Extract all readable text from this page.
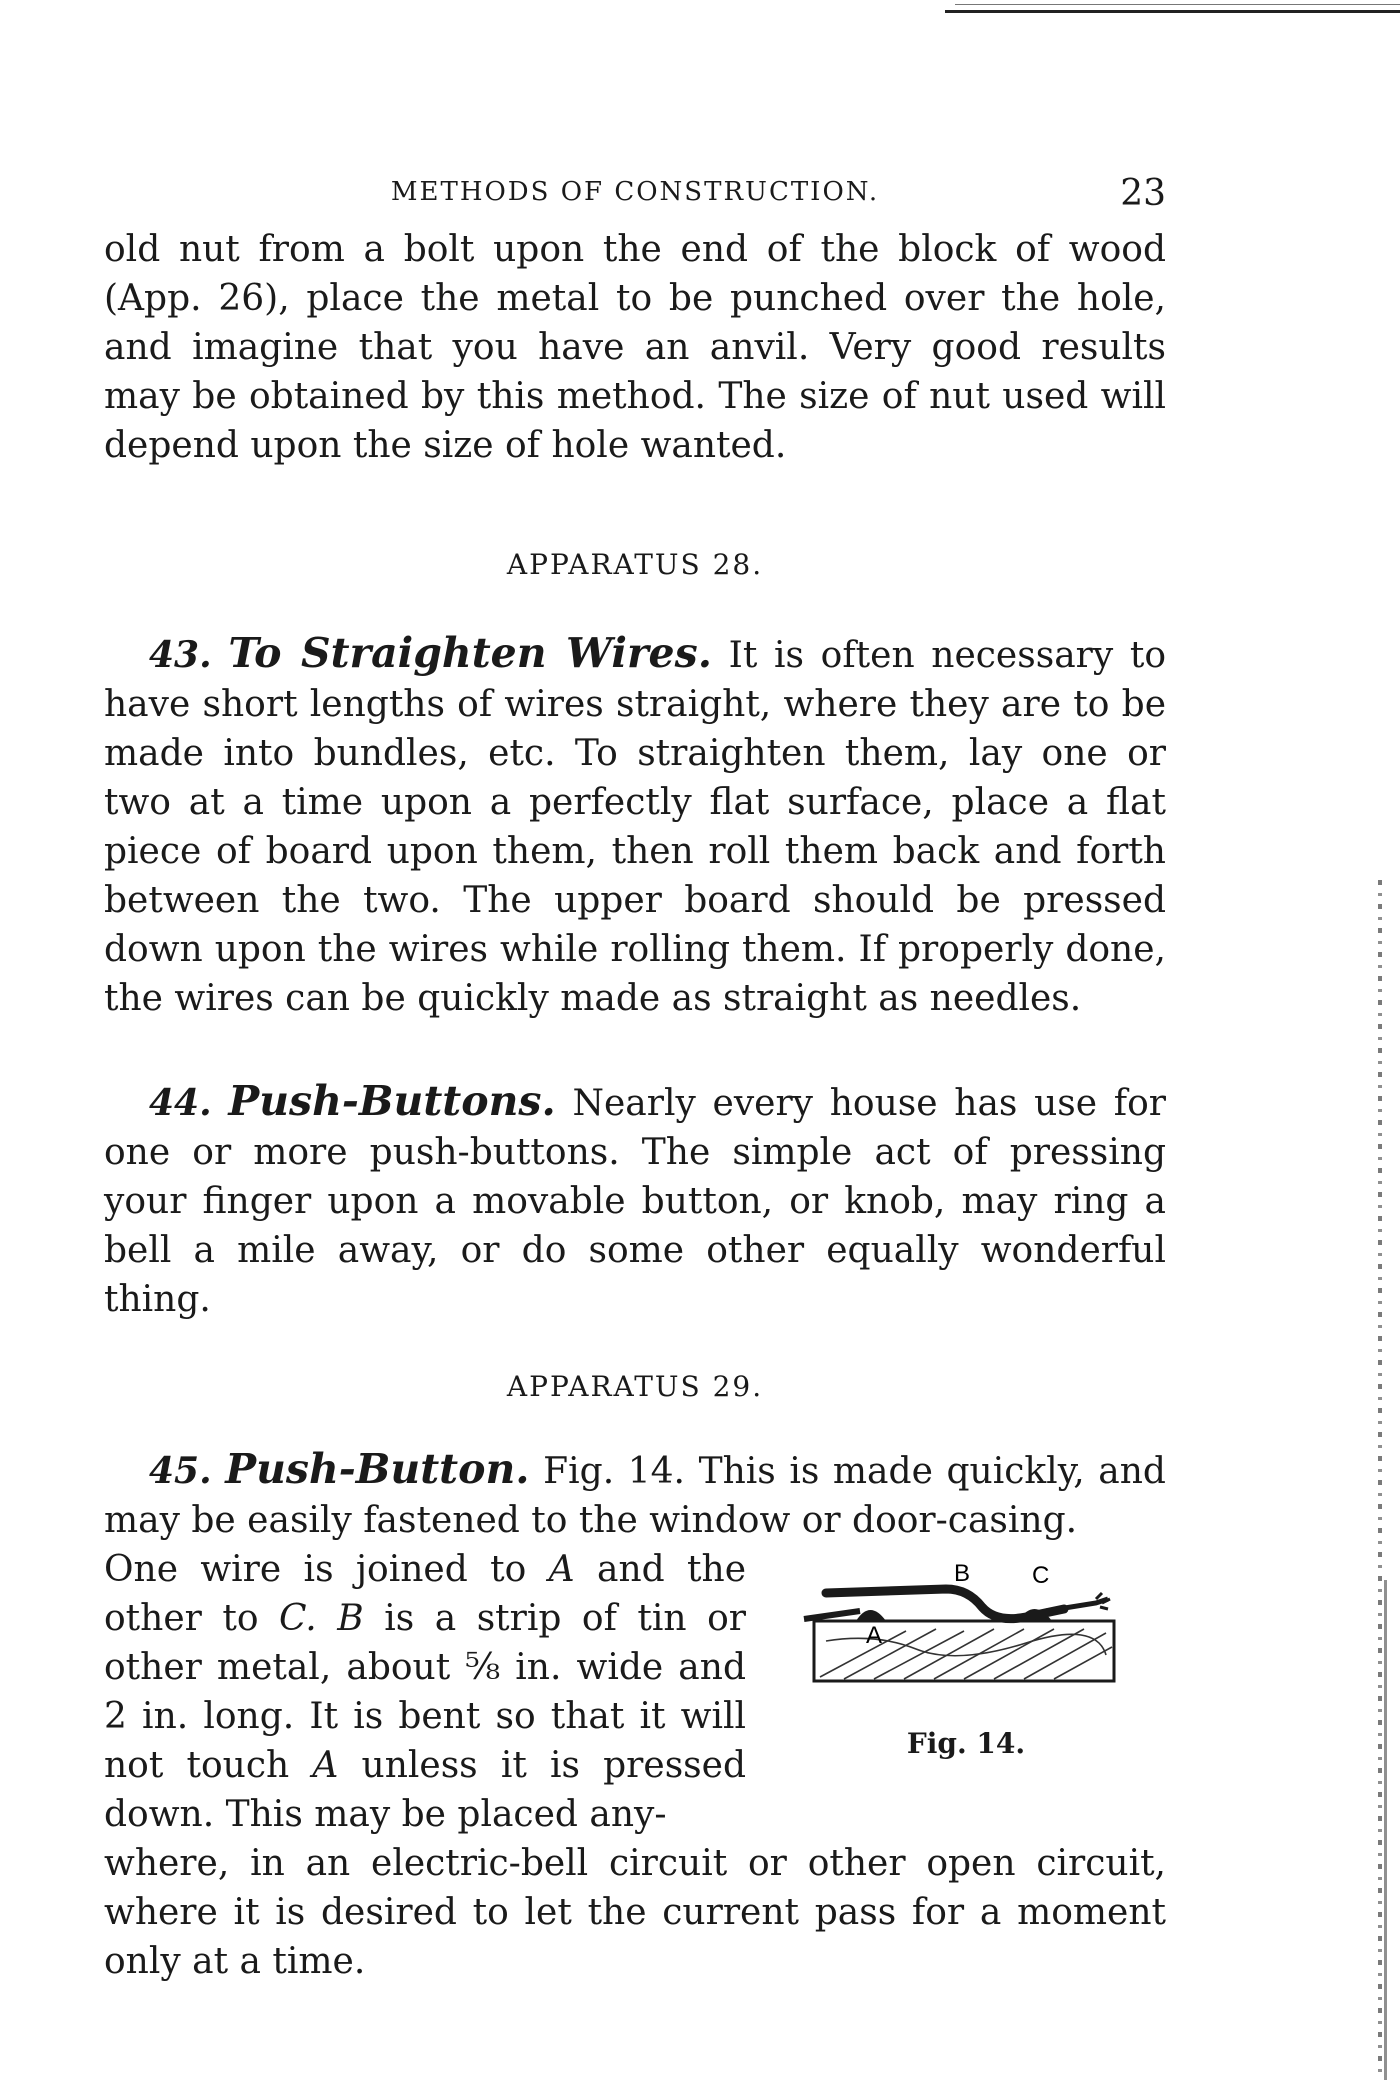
METHODS OF CONSTRUCTION.	23

old nut from a bolt upon the end of the block of wood (App. 26), place the metal to be punched over the hole, and imagine that you have an anvil. Very good results may be obtained by this method. The size of nut used will depend upon the size of hole wanted.

APPARATUS 28.

43. To Straighten Wires. It is often necessary to have short lengths of wires straight, where they are to be made into bundles, etc. To straighten them, lay one or two at a time upon a perfectly flat surface, place a flat piece of board upon them, then roll them back and forth between the two. The upper board should be pressed down upon the wires while rolling them. If properly done, the wires can be quickly made as straight as needles.

44. Push-Buttons. Nearly every house has use for one or more push-buttons. The simple act of pressing your finger upon a movable button, or knob, may ring a bell a mile away, or do some other equally wonderful thing.

APPARATUS 29.

45. Push-Button. Fig. 14. This is made quickly, and may be easily fastened to the window or door-casing.

A
B	C
Fig. 14.

One wire is joined to A and the other to C. B is a strip of tin or other metal, about ⅝ in. wide and 2 in. long. It is bent so that it will not touch A unless it is pressed down. This may be placed any-

where, in an electric-bell circuit or other open circuit, where it is desired to let the current pass for a moment only at a time.
